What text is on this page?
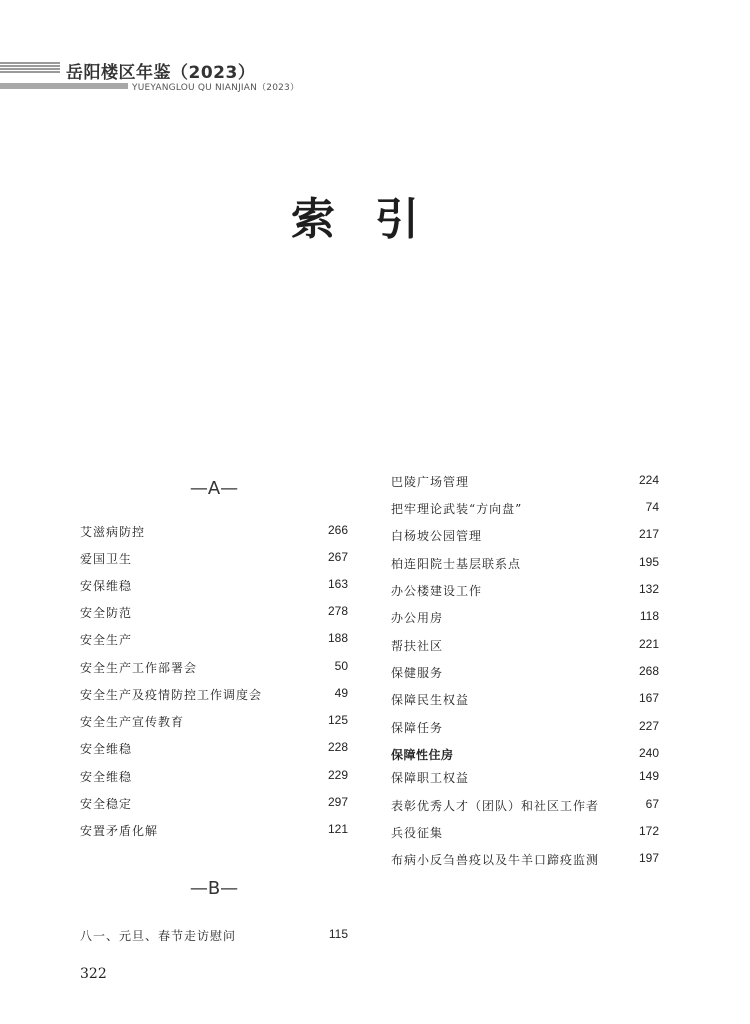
岳阳楼区年鉴（2023）
YUEYANGLOU QU NIANJIAN（2023）
索引
—A—
艾滋病防控	266
爱国卫生	267
安保维稳	163
安全防范	278
安全生产	188
安全生产工作部署会	50
安全生产及疫情防控工作调度会	49
安全生产宣传教育	125
安全维稳	228
安全维稳	229
安全稳定	297
安置矛盾化解	121
—B—
八一、元旦、春节走访慰问	115
巴陵广场管理	224
把牢理论武装“方向盘”	74
白杨坡公园管理	217
柏连阳院士基层联系点	195
办公楼建设工作	132
办公用房	118
帮扶社区	221
保健服务	268
保障民生权益	167
保障任务	227
保障性住房	240
保障职工权益	149
表彰优秀人才（团队）和社区工作者	67
兵役征集	172
布病小反刍兽疫以及牛羊口蹄疫监测	197
322
